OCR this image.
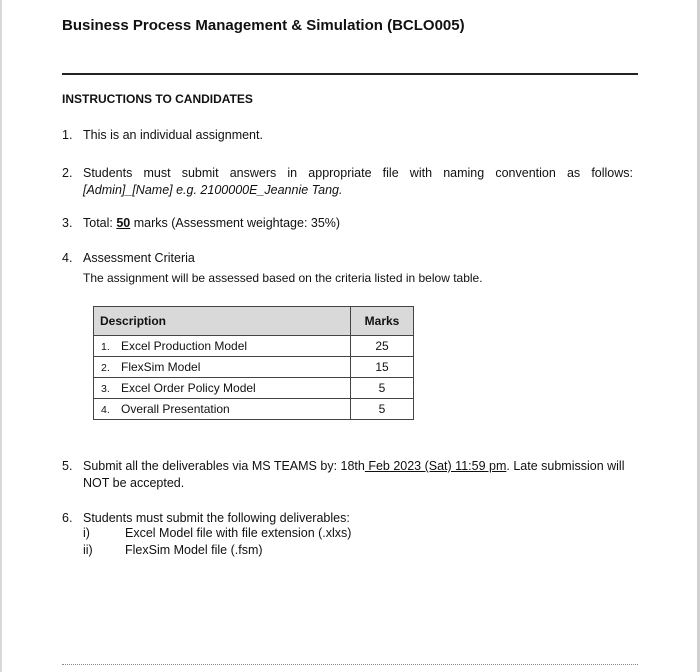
Business Process Management & Simulation (BCLO005)
INSTRUCTIONS TO CANDIDATES
1. This is an individual assignment.
2. Students must submit answers in appropriate file with naming convention as follows: [Admin]_[Name] e.g. 2100000E_Jeannie Tang.
3. Total: 50 marks (Assessment weightage: 35%)
4. Assessment Criteria
The assignment will be assessed based on the criteria listed in below table.
Description	Marks
1. Excel Production Model	25
2. FlexSim Model	15
3. Excel Order Policy Model	5
4. Overall Presentation	5
5. Submit all the deliverables via MS TEAMS by: 18th Feb 2023 (Sat) 11:59 pm. Late submission will
NOT be accepted.
6. Students must submit the following deliverables:
i)	Excel Model file with file extension (.xlxs)
ii)	FlexSim Model file (.fsm)
